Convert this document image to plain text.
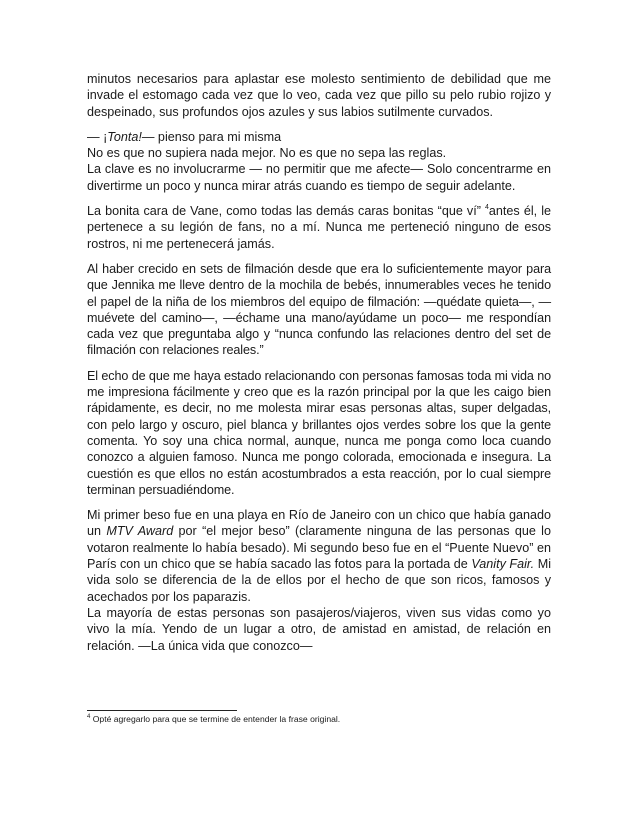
minutos necesarios para aplastar ese molesto sentimiento de debilidad que me invade el estomago cada vez que lo veo, cada vez que pillo su pelo rubio rojizo y despeinado, sus profundos ojos azules y sus labios sutilmente curvados.

— ¡Tonta!— pienso para mi misma
No es que no supiera nada mejor. No es que no sepa las reglas.
La clave es no involucrarme — no permitir que me afecte— Solo concentrarme en divertirme un poco y nunca mirar atrás cuando es tiempo de seguir adelante.

La bonita cara de Vane, como todas las demás caras bonitas “que ví” $^4$antes él, le pertenece a su legión de fans, no a mí. Nunca me perteneció ninguno de esos rostros, ni me pertenecerá jamás.

Al haber crecido en sets de filmación desde que era lo suficientemente mayor para que Jennika me lleve dentro de la mochila de bebés, innumerables veces he tenido el papel de la niña de los miembros del equipo de filmación: —quédate quieta—, —muévete del camino—, —échame una mano/ayúdame un poco— me respondían cada vez que preguntaba algo y “nunca confundo las relaciones dentro del set de filmación con relaciones reales.”

El echo de que me haya estado relacionando con personas famosas toda mi vida no me impresiona fácilmente y creo que es la razón principal por la que les caigo bien rápidamente, es decir, no me molesta mirar esas personas altas, super delgadas, con pelo largo y oscuro, piel blanca y brillantes ojos verdes sobre los que la gente comenta. Yo soy una chica normal, aunque, nunca me ponga como loca cuando conozco a alguien famoso. Nunca me pongo colorada, emocionada e insegura. La cuestión es que ellos no están acostumbrados a esta reacción, por lo cual siempre terminan persuadiéndome.

Mi primer beso fue en una playa en Río de Janeiro con un chico que había ganado un MTV Award por “el mejor beso” (claramente ninguna de las personas que lo votaron realmente lo había besado). Mi segundo beso fue en el “Puente Nuevo” en París con un chico que se había sacado las fotos para la portada de Vanity Fair. Mi vida solo se diferencia de la de ellos por el hecho de que son ricos, famosos y acechados por los paparazis.

La mayoría de estas personas son pasajeros/viajeros, viven sus vidas como yo vivo la mía. Yendo de un lugar a otro, de amistad en amistad, de relación en relación. —La única vida que conozco—

$^4$ Opté agregarlo para que se termine de entender la frase original.
